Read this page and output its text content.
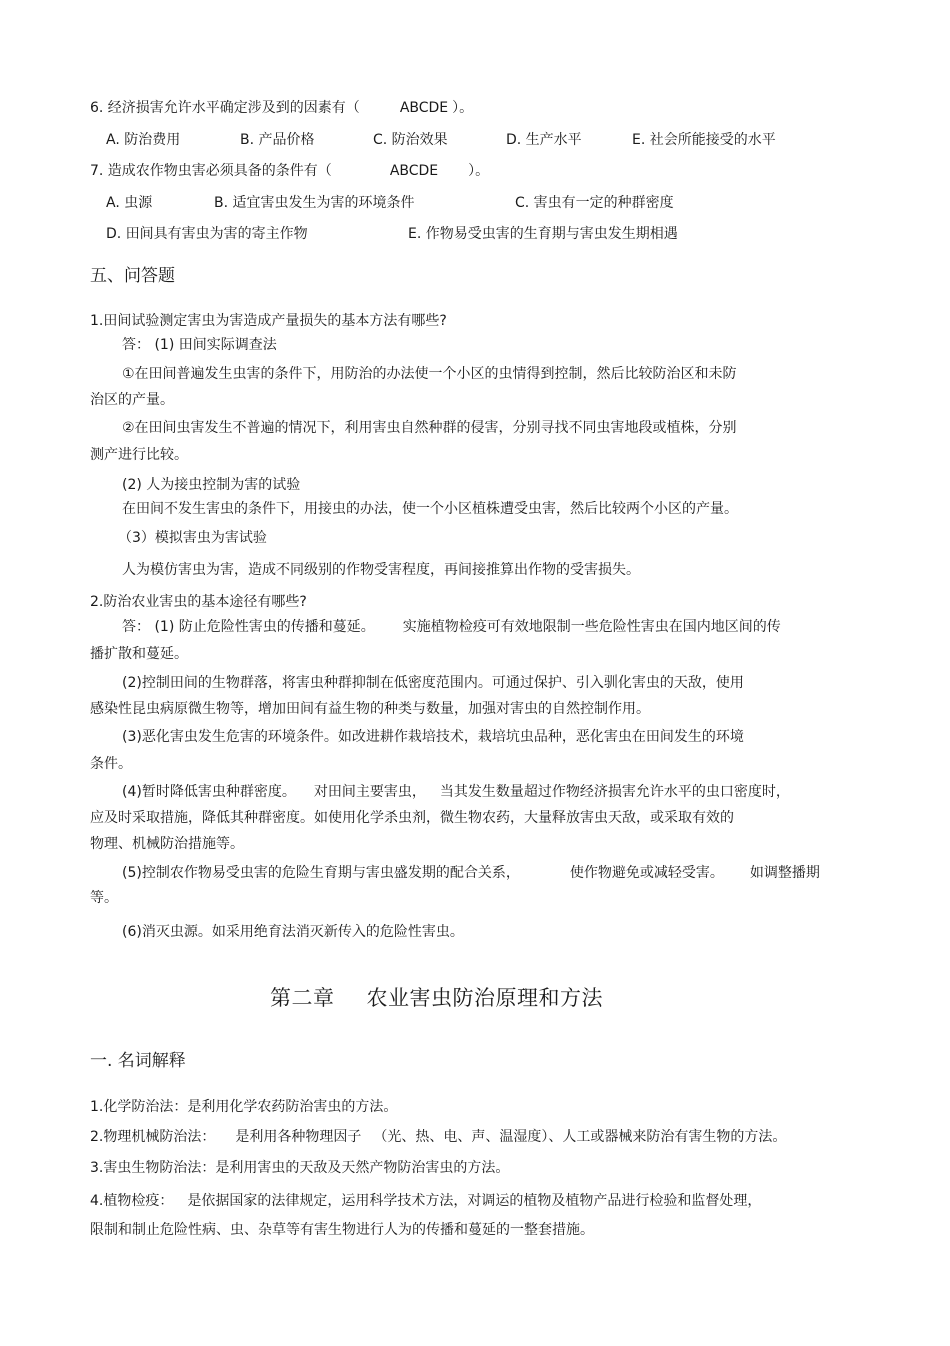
6. 经济损害允许水平确定涉及到的因素有（	ABCDE ）。
A. 防治费用	B. 产品价格	C. 防治效果	D. 生产水平	E. 社会所能接受的水平
7. 造成农作物虫害必须具备的条件有（	ABCDE ）。
A. 虫源	B. 适宜害虫发生为害的环境条件	C. 害虫有一定的种群密度
D. 田间具有害虫为害的寄主作物	E. 作物易受虫害的生育期与害虫发生期相遇
五、问答题
1.田间试验测定害虫为害造成产量损失的基本方法有哪些?
答： (1) 田间实际调查法
①在田间普遍发生虫害的条件下，用防治的办法使一个小区的虫情得到控制，然后比较防治区和未防
治区的产量。
②在田间虫害发生不普遍的情况下，利用害虫自然种群的侵害，分别寻找不同虫害地段或植株，分别
测产进行比较。
(2) 人为接虫控制为害的试验
在田间不发生害虫的条件下，用接虫的办法，使一个小区植株遭受虫害，然后比较两个小区的产量。
（3）模拟害虫为害试验
人为模仿害虫为害，造成不同级别的作物受害程度，再间接推算出作物的受害损失。
2.防治农业害虫的基本途径有哪些?
答： (1) 防止危险性害虫的传播和蔓延。 实施植物检疫可有效地限制一些危险性害虫在国内地区间的传
播扩散和蔓延。
(2)控制田间的生物群落，将害虫种群抑制在低密度范围内。可通过保护、引入驯化害虫的天敌，使用
感染性昆虫病原微生物等，增加田间有益生物的种类与数量，加强对害虫的自然控制作用。
(3)恶化害虫发生危害的环境条件。如改进耕作栽培技术，栽培坑虫品种，恶化害虫在田间发生的环境
条件。
(4)暂时降低害虫种群密度。 对田间主要害虫， 当其发生数量超过作物经济损害允许水平的虫口密度时，
应及时采取措施，降低其种群密度。如使用化学杀虫剂，微生物农药，大量释放害虫天敌，或采取有效的
物理、机械防治措施等。
(5)控制农作物易受虫害的危险生育期与害虫盛发期的配合关系，	使作物避免或减轻受害。 如调整播期
等。
(6)消灭虫源。如采用绝育法消灭新传入的危险性害虫。
第二章 农业害虫防治原理和方法
一. 名词解释
1.化学防治法：是利用化学农药防治害虫的方法。
2.物理机械防治法： 是利用各种物理因子 （光、热、电、声、温湿度）、人工或器械来防治有害生物的方法。
3.害虫生物防治法：是利用害虫的天敌及天然产物防治害虫的方法。
4.植物检疫： 是依据国家的法律规定，运用科学技术方法，对调运的植物及植物产品进行检验和监督处理，
限制和制止危险性病、虫、杂草等有害生物进行人为的传播和蔓延的一整套措施。
